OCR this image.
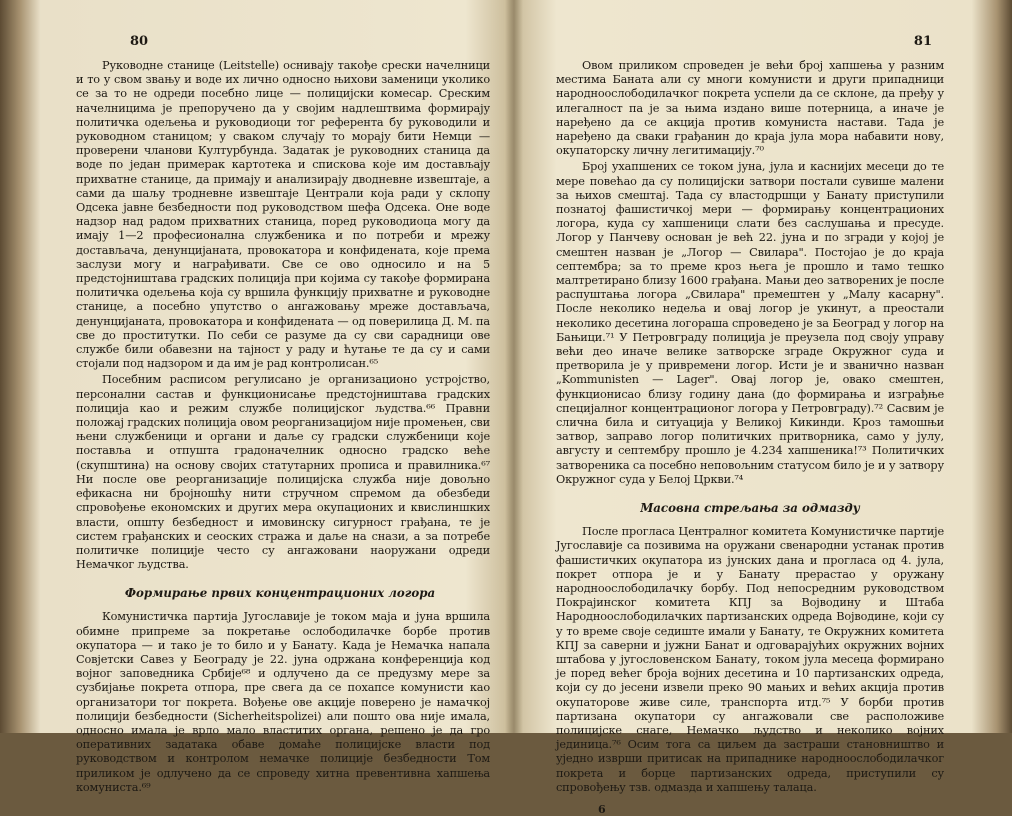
80

Руководне станице (Leitstelle) оснивају такође срески начелници и то у свом звању и воде их лично односно њихови заменици уколико се за то не одреди посебно лице — полицијски комесар. Среским начелницима је препоручено да у својим надлештвима формирају политичка одељења и руководиоци тог референта бу руководили и руководном станицом; у сваком случају то морају бити Немци — проверени чланови Културбунда. Задатак је руководних станица да воде по један примерак картотека и спискова које им достављају прихватне станице, да примају и анализирају дводневне извештаје, а сами да шаљу тродневне извештаје Централи која ради у склопу Одсека јавне безбедности под руководством шефа Одсека. Оне воде надзор над радом прихватних станица, поред руководиоца могу да имају 1—2 професионална службеника и по потреби и мрежу достављача, денунцијаната, провокатора и конфидената, које према заслузи могу и награђивати. Све се ово односило и на 5 предстојништава градских полиција при којима су такође формирана политичка одељења која су вршила функцију прихватне и руководне станице, а посебно упутство о ангажовању мреже достављача, денунцијаната, провокатора и конфидената — од поверилица Д. М. па све до проститутки. По себи се разуме да су сви сарадници ове службе били обавезни на тајност у раду и ћутање те да су и сами стојали под надзором и да им је рад контролисан.⁶⁵

Посебним расписом регулисано је организационо устројство, персонални састав и функционисање предстојништава градских полиција као и режим службе полицијског људства.⁶⁶ Правни положај градских полиција овом реорганизацијом није промењен, сви њени службеници и органи и даље су градски службеници које поставља и отпушта градоначелник односно градско веће (скупштина) на основу својих статутарних прописа и правилника.⁶⁷ Ни после ове реорганизације полицијска служба није довољно ефикасна ни бројношћу нити стручном спремом да обезбеди спровођење економских и других мера окупационих и квислиншких власти, општу безбедност и имовинску сигурност грађана, те је систем грађанских и сеоских стража и даље на снази, а за потребе политичке полиције често су ангажовани наоружани одреди Немачког људства.

Формирање првих концентрационих логора

Комунистичка партија Југославије је током маја и јуна вршила обимне припреме за покретање ослободилачке борбе против окупатора — и тако је то било и у Банату. Када је Немачка напала Совјетски Савез у Београду је 22. јуна одржана конференција код војног заповедника Србије⁶⁸ и одлучено да се предузму мере за сузбијање покрета отпора, пре свега да се похапсе комунисти као организатори тог покрета. Вођење ове акције поверено је намачкој полицији безбедности (Sicherheitspolizei) али пошто ова није имала, односно имала је врло мало властитих органа, решено је да гро оперативних задатака обаве домаће полицијске власти под руководством и контролом немачке полиције безбедности Том приликом је одлучено да се спроведу хитна превентивна хапшења комуниста.⁶⁹

81

Овом приликом спроведен је већи број хапшења у разним местима Баната али су многи комунисти и други припадници народноослободилачког покрета успели да се склоне, да пређу у илегалност па је за њима издано више потерница, а иначе је наређено да се акција против комуниста настави. Тада је наређено да сваки грађанин до краја јула мора набавити нову, окупаторску личну легитимацију.⁷⁰

Број ухапшених се током јуна, јула и каснијих месеци до те мере повећао да су полицијски затвори постали сувише малени за њихов смештај. Тада су властодршци у Банату приступили познатој фашистичкој мери — формирању концентрационих логора, куда су хапшеници слати без саслушања и пресуде. Логор у Панчеву основан је већ 22. јуна и по згради у којој је смештен назван је „Логор — Свилара". Постојао је до краја септембра; за то преме кроз њега је прошло и тамо тешко малтретирано близу 1600 грађана. Мањи део затворених је после распуштања логора „Свилара" премештен у „Малу касарну". После неколико недеља и овај логор је укинут, а преостали неколико десетина логораша спроведено је за Београд у логор на Бањици.⁷¹ У Петровграду полиција је преузела под своју управу већи део иначе велике затворске зграде Окружног суда и претворила је у привремени логор. Исти је и званично назван „Kommunisten — Lager". Овај логор је, овако смештен, функционисао близу годину дана (до формирања и изграђње специјалног концентрационог логора у Петровграду).⁷² Сасвим је слична била и ситуација у Великој Кикинди. Кроз тамошњи затвор, заправо логор политичких притворника, само у јулу, августу и септембру прошло је 4.234 хапшеника!⁷³ Политичких затвореника са посебно неповољним статусом било је и у затвору Окружног суда у Белој Цркви.⁷⁴

Масовна стрељања за одмазду

После прогласа Централног комитета Комунистичке партије Југославије са позивима на оружани свенародни устанак против фашистичких окупатора из јунских дана и прогласа од 4. јула, покрет отпора је и у Банату прерастао у оружану народноослободилачку борбу. Под непосредним руководством Покрајинског комитета КПЈ за Војводину и Штаба Народноослободилачких партизанских одреда Војводине, који су у то време своје седиште имали у Банату, те Окружних комитета КПЈ за саверни и јужни Банат и одговарајућих окружних војних штабова у југословенском Банату, током јула месеца формирано је поред већег броја војних десетина и 10 партизанских одреда, који су до јесени извели преко 90 мањих и већих акција против окупаторове живе силе, транспорта итд.⁷⁵ У борби против партизана окупатори су ангажовали све расположиве полицијске снаге, Немачко људство и неколико војних јединица.⁷⁶ Осим тога са циљем да застраши становништво и уједно изврши притисак на припаднике народноослободилачког покрета и борце партизанских одреда, приступили су спровођењу тзв. одмазда и хапшењу талаца.

6
